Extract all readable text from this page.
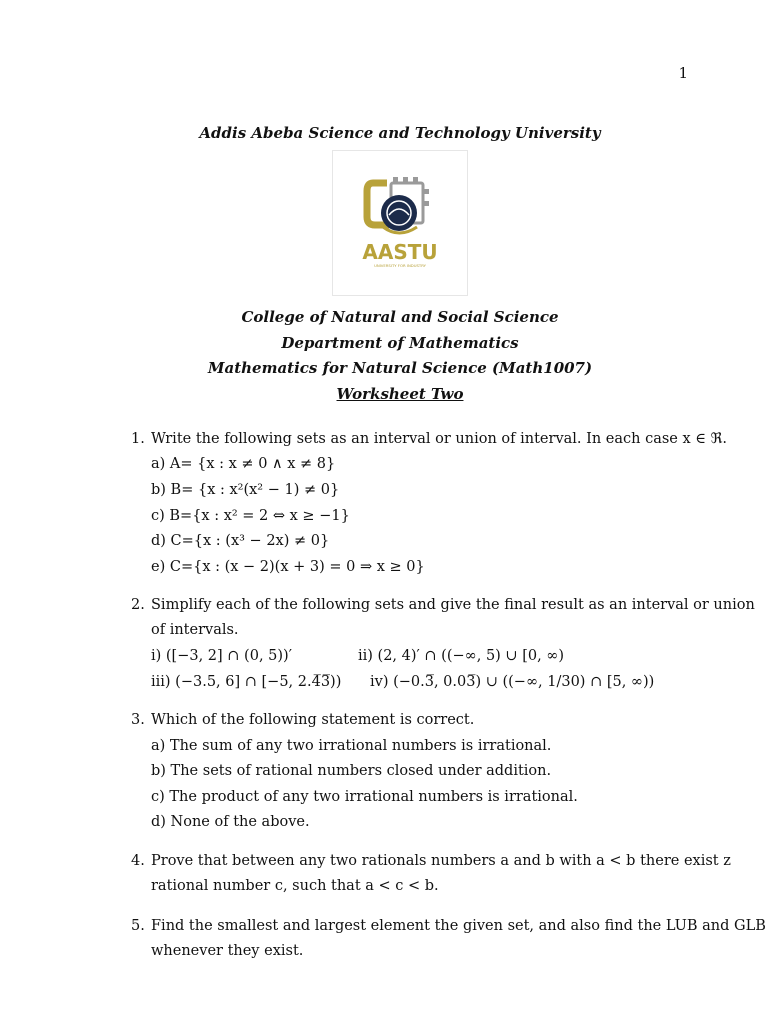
1
Addis Abeba Science and Technology University
AASTU
UNIVERSITY FOR INDUSTRY
College of Natural and Social Science
Department of Mathematics
Mathematics for Natural Science (Math1007)
Worksheet Two
1. Write the following sets as an interval or union of interval. In each case x ∈ ℜ.
a) A= {x : x ≠ 0 ∧ x ≠ 8}
b) B= {x : x²(x² − 1) ≠ 0}
c) B={x : x² = 2 ⇔ x ≥ −1}
d) C={x : (x³ − 2x) ≠ 0}
e) C={x : (x − 2)(x + 3) = 0 ⇒ x ≥ 0}
2. Simplify each of the following sets and give the final result as an interval or union
of intervals.
i) ([−3, 2] ∩ (0, 5))′	ii) (2, 4)′ ∩ ((−∞, 5) ∪ [0, ∞)
iii) (−3.5, 6] ∩ [−5, 2.4̅3̅)) iv) (−0.3̅, 0.03̅) ∪ ((−∞, 1/30) ∩ [5, ∞))
3. Which of the following statement is correct.
a) The sum of any two irrational numbers is irrational.
b) The sets of rational numbers closed under addition.
c) The product of any two irrational numbers is irrational.
d) None of the above.
4. Prove that between any two rationals numbers a and b with a < b there exist z
rational number c, such that a < c < b.
5. Find the smallest and largest element the given set, and also find the LUB and GLB
whenever they exist.
